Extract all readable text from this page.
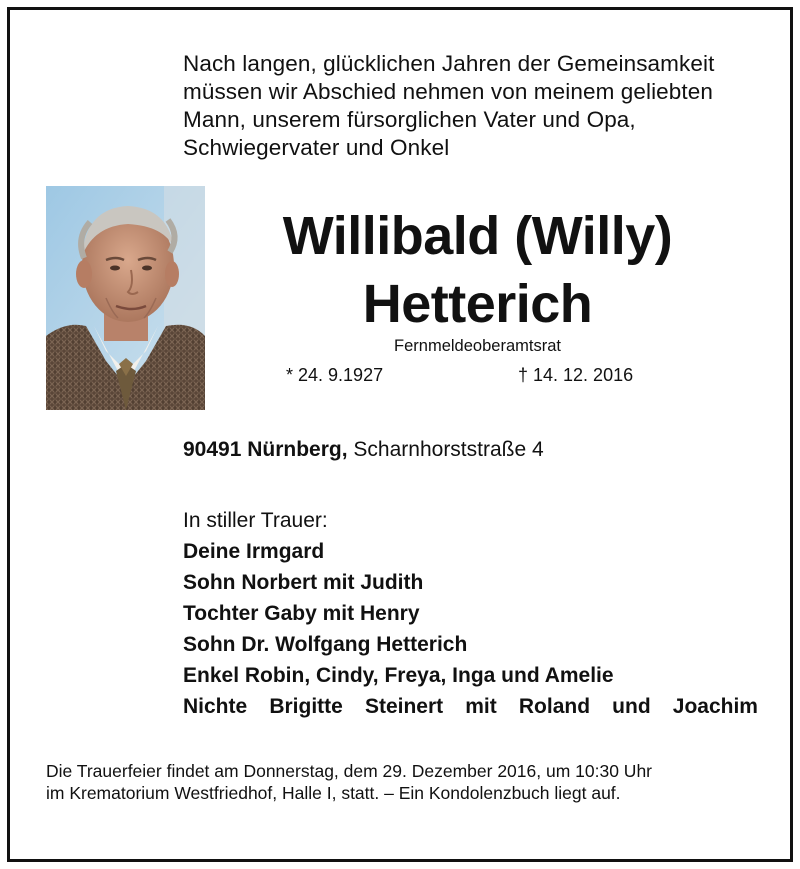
Nach langen, glücklichen Jahren der Gemeinsamkeit
müssen wir Abschied nehmen von meinem geliebten
Mann, unserem fürsorglichen Vater und Opa,
Schwiegervater und Onkel
Willibald (Willy)
Hetterich
Fernmeldeoberamtsrat
* 24. 9.1927	† 14. 12. 2016
90491 Nürnberg, Scharnhorststraße 4
In stiller Trauer:
Deine Irmgard
Sohn Norbert mit Judith
Tochter Gaby mit Henry
Sohn Dr. Wolfgang Hetterich
Enkel Robin, Cindy, Freya, Inga und Amelie
Nichte Brigitte Steinert mit Roland und Joachim
Die Trauerfeier findet am Donnerstag, dem 29. Dezember 2016, um 10:30 Uhr
im Krematorium Westfriedhof, Halle I, statt. – Ein Kondolenzbuch liegt auf.
